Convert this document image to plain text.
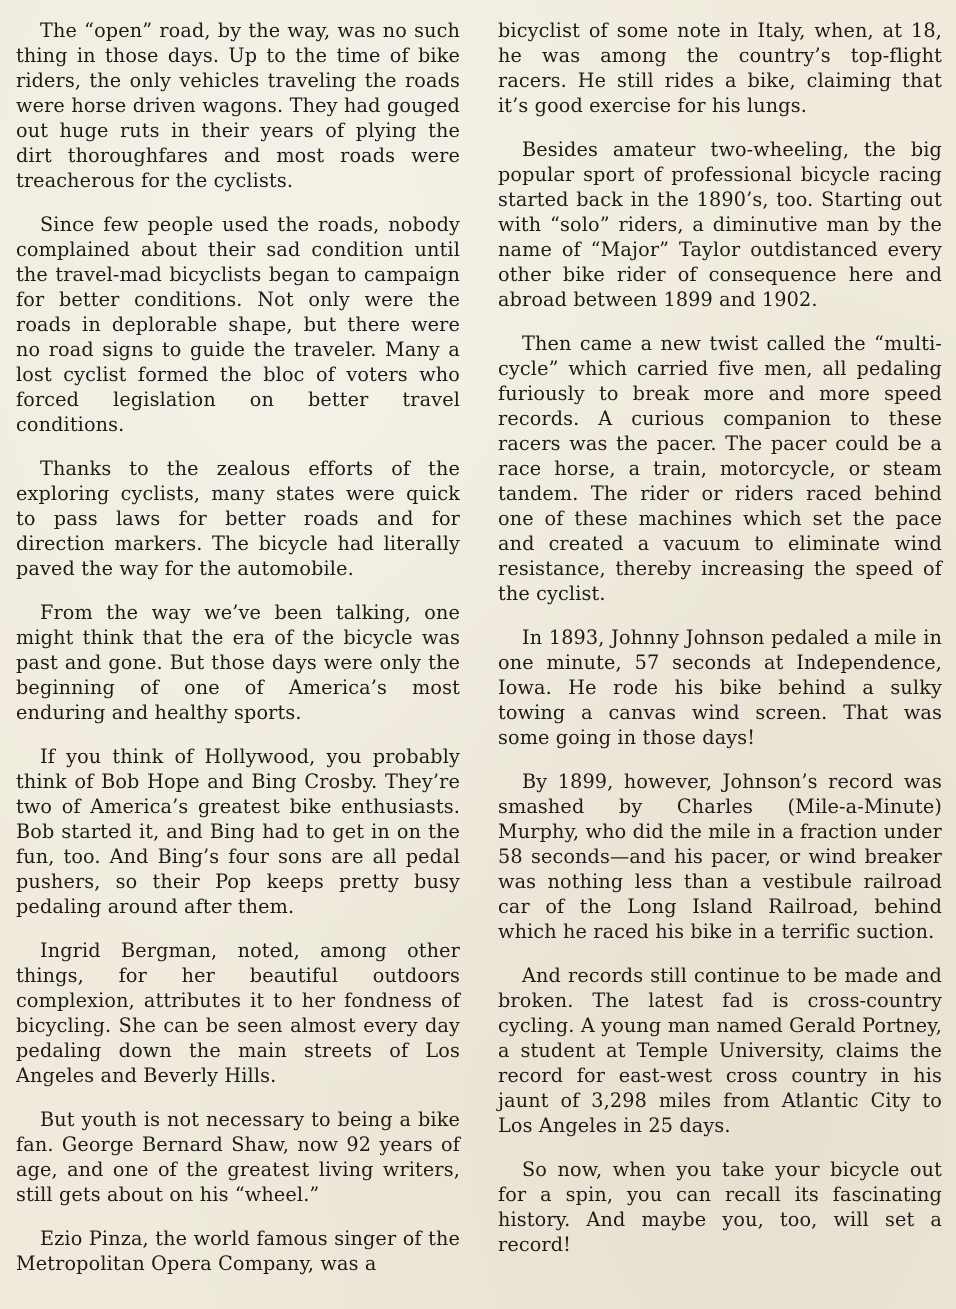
The “open” road, by the way, was no such thing in those days. Up to the time of bike riders, the only vehicles traveling the roads were horse driven wagons. They had gouged out huge ruts in their years of plying the dirt thoroughfares and most roads were treacherous for the cyclists.

Since few people used the roads, nobody complained about their sad condition until the travel-mad bicyclists began to campaign for better conditions. Not only were the roads in deplorable shape, but there were no road signs to guide the traveler. Many a lost cyclist formed the bloc of voters who forced legislation on better travel conditions.

Thanks to the zealous efforts of the exploring cyclists, many states were quick to pass laws for better roads and for direction markers. The bicycle had literally paved the way for the automobile.

From the way we’ve been talking, one might think that the era of the bicycle was past and gone. But those days were only the beginning of one of America’s most enduring and healthy sports.

If you think of Hollywood, you probably think of Bob Hope and Bing Crosby. They’re two of America’s greatest bike enthusiasts. Bob started it, and Bing had to get in on the fun, too. And Bing’s four sons are all pedal pushers, so their Pop keeps pretty busy pedaling around after them.

Ingrid Bergman, noted, among other things, for her beautiful outdoors complexion, attributes it to her fondness of bicycling. She can be seen almost every day pedaling down the main streets of Los Angeles and Beverly Hills.

But youth is not necessary to being a bike fan. George Bernard Shaw, now 92 years of age, and one of the greatest living writers, still gets about on his “wheel.”

Ezio Pinza, the world famous singer of the Metropolitan Opera Company, was a

bicyclist of some note in Italy, when, at 18, he was among the country’s top-flight racers. He still rides a bike, claiming that it’s good exercise for his lungs.

Besides amateur two-wheeling, the big popular sport of professional bicycle racing started back in the 1890’s, too. Starting out with “solo” riders, a diminutive man by the name of “Major” Taylor outdistanced every other bike rider of consequence here and abroad between 1899 and 1902.

Then came a new twist called the “multi-cycle” which carried five men, all pedaling furiously to break more and more speed records. A curious companion to these racers was the pacer. The pacer could be a race horse, a train, motorcycle, or steam tandem. The rider or riders raced behind one of these machines which set the pace and created a vacuum to eliminate wind resistance, thereby increasing the speed of the cyclist.

In 1893, Johnny Johnson pedaled a mile in one minute, 57 seconds at Independence, Iowa. He rode his bike behind a sulky towing a canvas wind screen. That was some going in those days!

By 1899, however, Johnson’s record was smashed by Charles (Mile-a-Minute) Murphy, who did the mile in a fraction under 58 seconds—and his pacer, or wind breaker was nothing less than a vestibule railroad car of the Long Island Railroad, behind which he raced his bike in a terrific suction.

And records still continue to be made and broken. The latest fad is cross-country cycling. A young man named Gerald Portney, a student at Temple University, claims the record for east-west cross country in his jaunt of 3,298 miles from Atlantic City to Los Angeles in 25 days.

So now, when you take your bicycle out for a spin, you can recall its fascinating history. And maybe you, too, will set a record!
